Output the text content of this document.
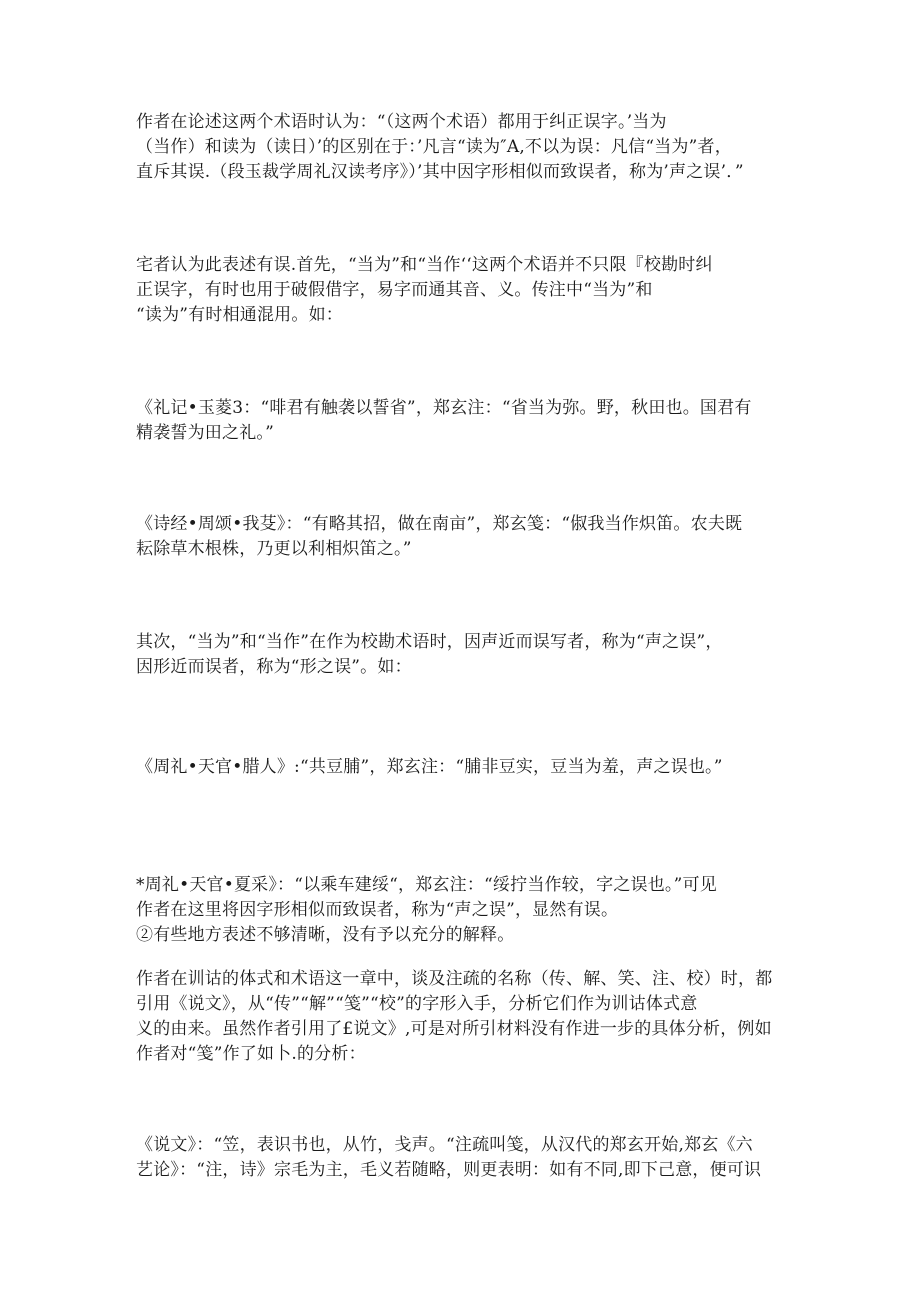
作者在论述这两个术语时认为：“（这两个术语）都用于纠正误字。’当为
（当作）和读为（读日）’的区别在于：’凡言“读为″A,不以为误：凡信“当为”者，
直斥其误.（段玉裁学周礼汉读考序》）’其中因字形相似而致误者，称为’声之误’．”
宅者认为此表述有误.首先，“当为”和“当作‘‘这两个术语并不只限『校勘时纠
正误字，有时也用于破假借字，易字而通其音、义。传注中“当为”和
“读为”有时相通混用。如：
《礼记•玉菱3：“啡君有触袭以誓省”，郑玄注：“省当为弥。野，秋田也。国君有
精袭誓为田之礼。”
《诗经•周颂•我芟》：“有略其招，做在南亩”，郑玄笺：“俶我当作炽笛。农夫既
耘除草木根株，乃更以利相炽笛之。”
其次，“当为”和“当作”在作为校勘术语时，因声近而误写者，称为“声之误”，
因形近而误者，称为“形之误”。如：
《周礼•天官•腊人》:“共豆脯”，郑玄注：“脯非豆实，豆当为羞，声之误也。”
*周礼•天官•夏采》：“以乘车建绥“，郑玄注：“绥拧当作较，字之误也。”可见
作者在这里将因字形相似而致误者，称为“声之误”，显然有误。
②有些地方表述不够清晰，没有予以充分的解释。
作者在训诂的体式和术语这一章中，谈及注疏的名称（传、解、笑、注、校）时，都
引用《说文》，从“传”“解”“笺”“校”的字形入手，分析它们作为训诂体式意
义的由来。虽然作者引用了£说文》,可是对所引材料没有作进一步的具体分析，例如
作者对“笺”作了如卜.的分析：
《说文》：“笠，表识书也，从竹，戋声。“注疏叫笺，从汉代的郑玄开始,郑玄《六
艺论》：“注，诗》宗毛为主，毛义若随略，则更表明：如有不同,即下己意，便可识
